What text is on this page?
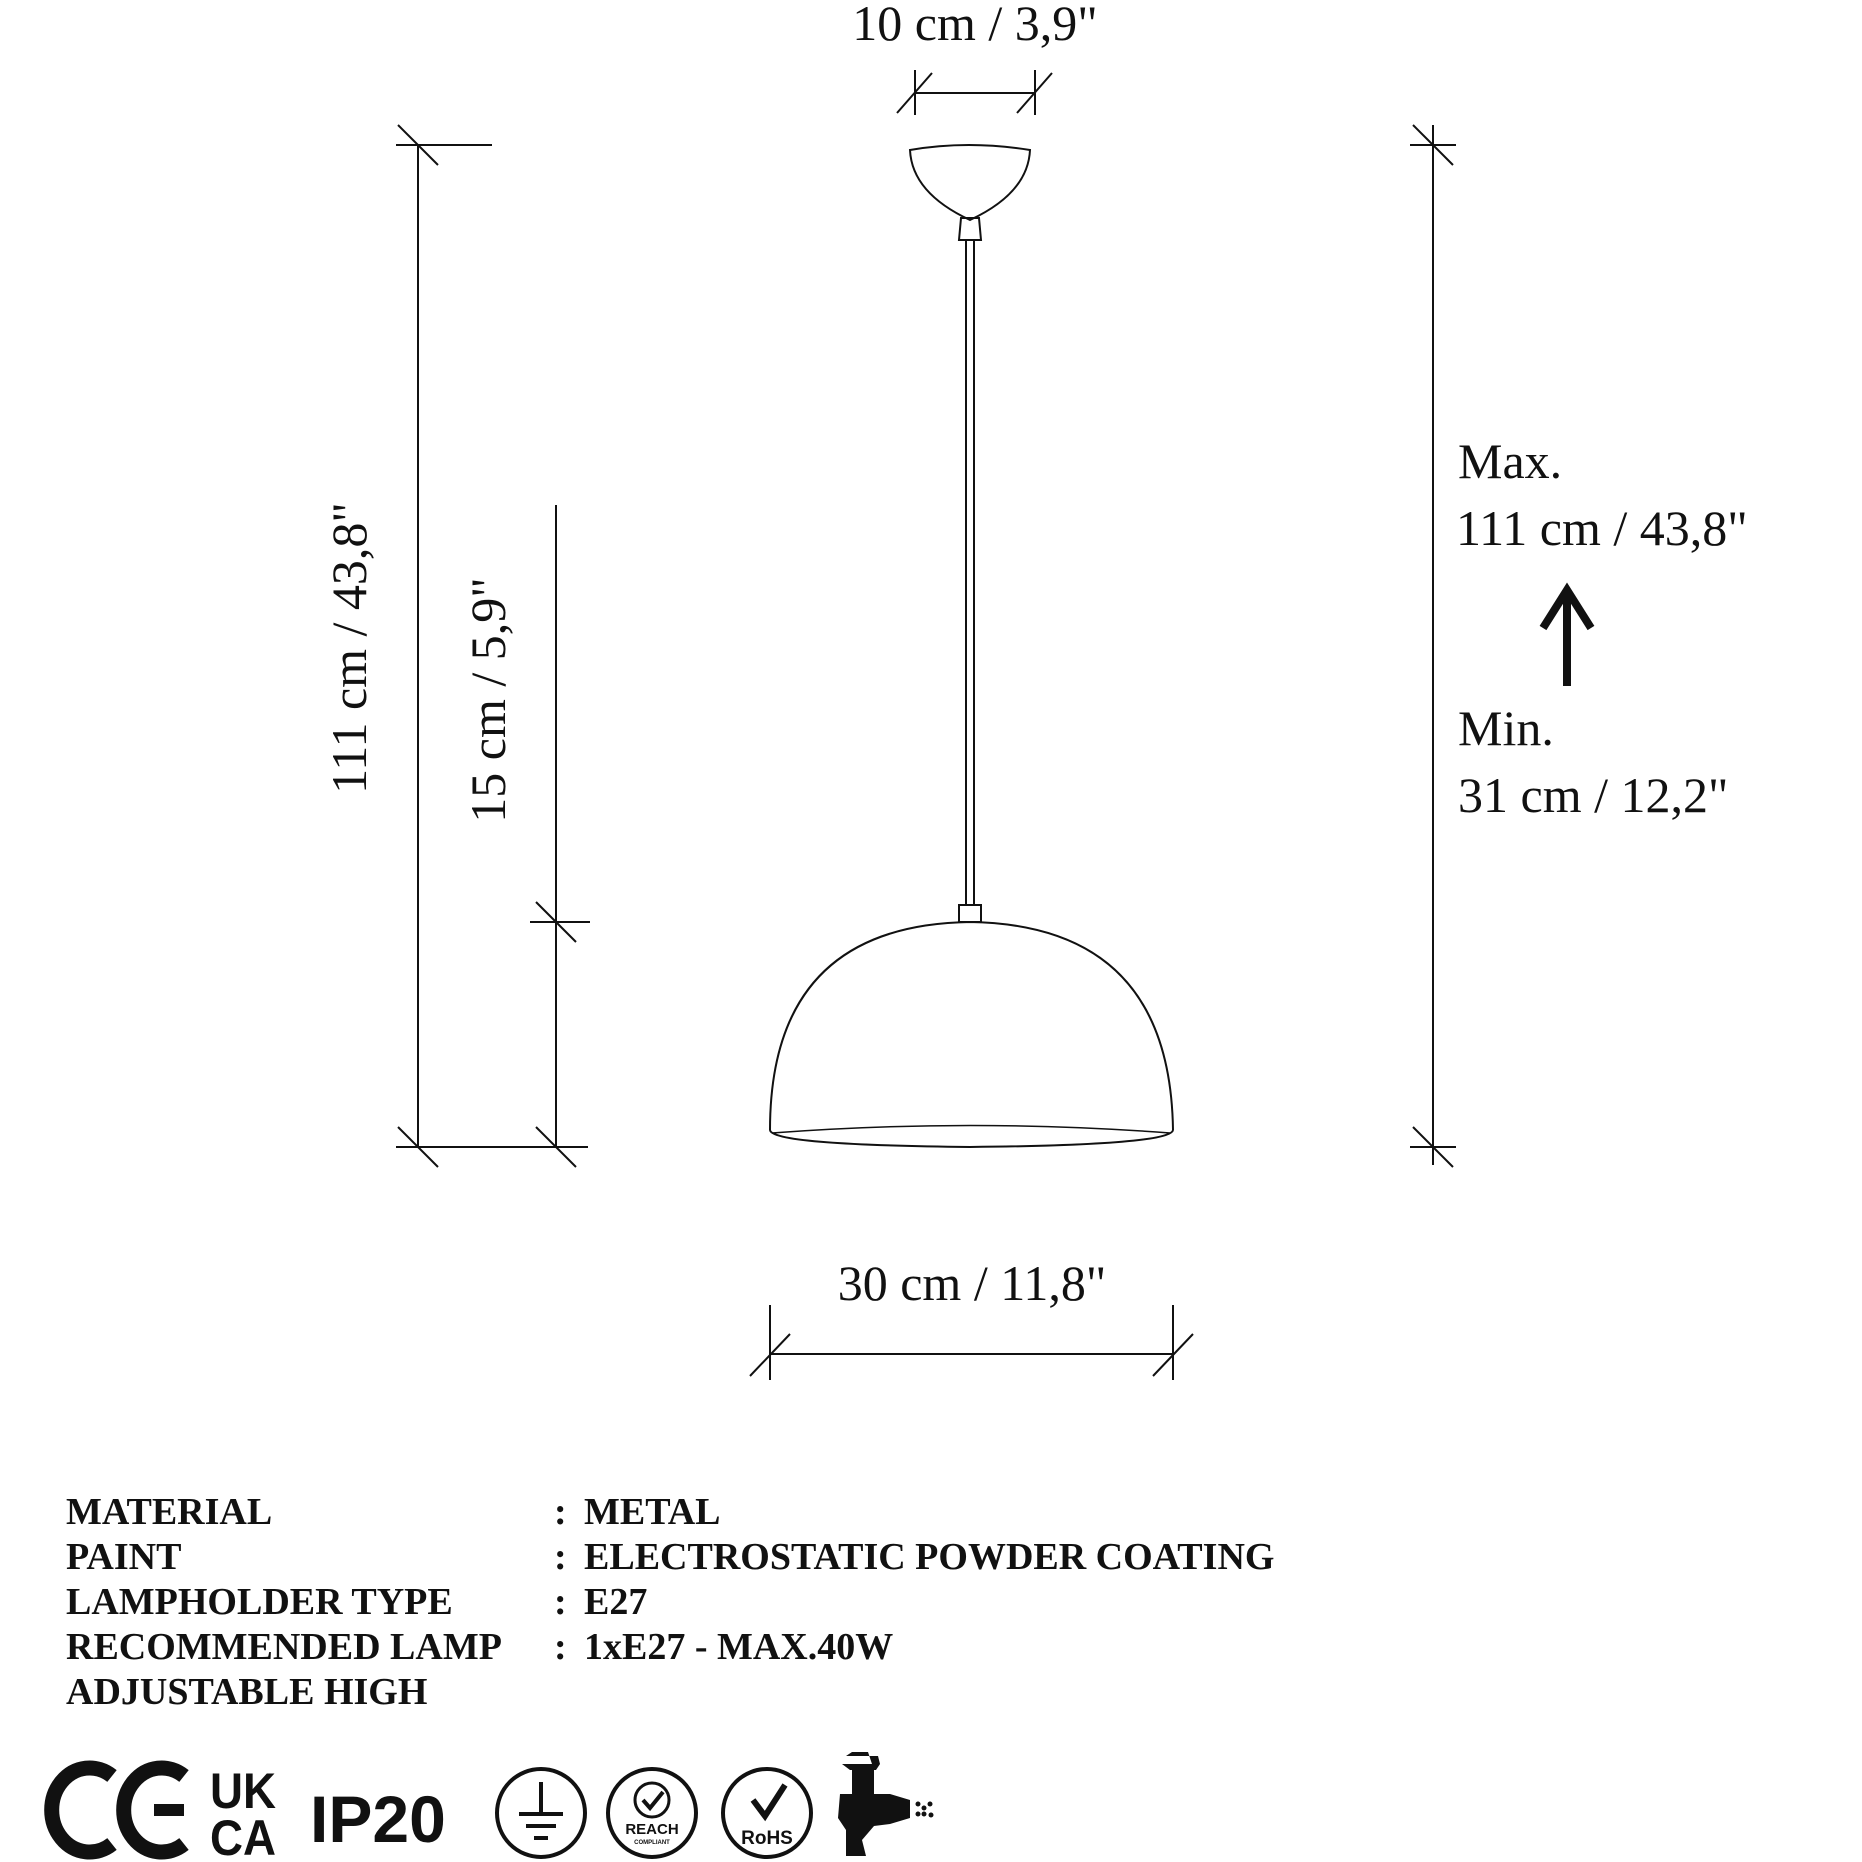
10 cm / 3,9"
30 cm / 11,8"
111 cm / 43,8" 15 cm / 5,9"
Max.
111 cm / 43,8"
Min.
31 cm / 12,2"
MATERIAL	: METAL
PAINT	: ELECTROSTATIC POWDER COATING
LAMPHOLDER TYPE	: E27
RECOMMENDED LAMP	: 1xE27 - MAX.40W
ADJUSTABLE HIGH
CE
UK
CA IP20	REACH
COMPLIANT	RoHS
